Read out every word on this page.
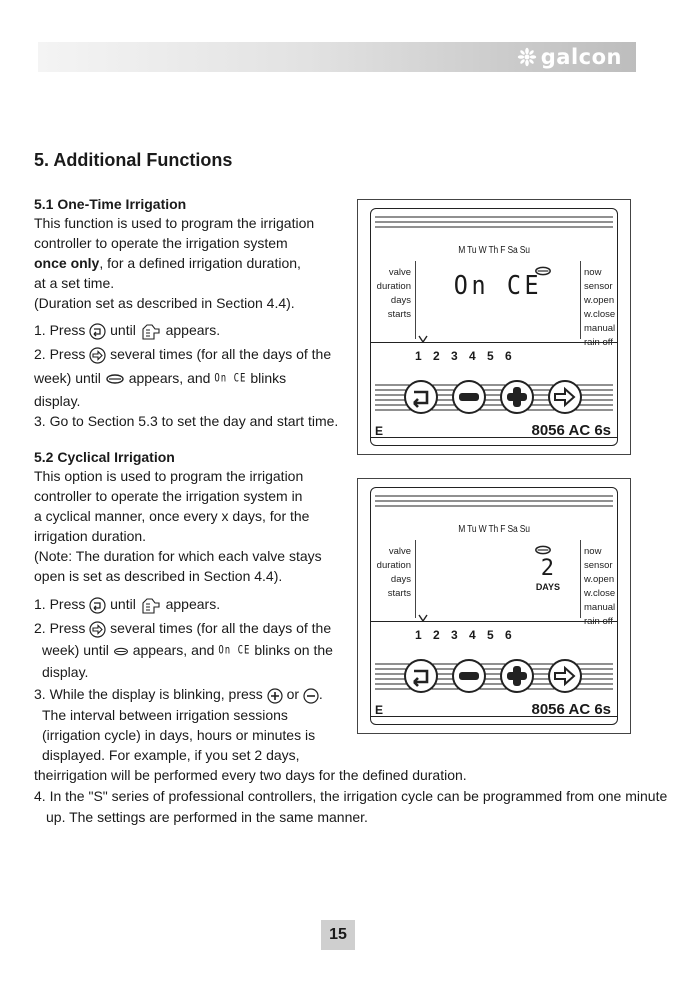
galcon
5. Additional Functions
5.1 One-Time Irrigation
This function is used to program the irrigation
controller to operate the irrigation system
once only, for a defined irrigation duration,
at a set time.
(Duration set as described in Section 4.4).
1. Press until appears.
2. Press several times (for all the days of the
week) until appears, and On CE blinks
display.
3. Go to Section 5.3 to set the day and start time.
5.2 Cyclical Irrigation
This option is used to program the irrigation
controller to operate the irrigation system in
a cyclical manner, once every x days, for the
irrigation duration.
(Note: The duration for which each valve stays
open is set as described in Section 4.4).
1. Press until appears.
2. Press several times (for all the days of the
week) until appears, and On CE blinks on the
display.
3. While the display is blinking, press or .
The interval between irrigation sessions
(irrigation cycle) in days, hours or minutes is
displayed. For example, if you set 2 days,
theirrigation will be performed every two days for the defined duration.
4. In the "S" series of professional controllers, the irrigation cycle can be programmed from one minute
up. The settings are performed in the same manner.
M Tu W Th F Sa Su
valve
duration
days
starts
On CE	now
sensor
w.open
w.close
manual
rain off
1 2 3 4 5 6
E	8056 AC 6s
M Tu W Th F Sa Su
valve
duration
days
starts
2
DAYS
now
sensor
w.open
w.close
manual
rain off
1 2 3 4 5 6
E	8056 AC 6s
15
